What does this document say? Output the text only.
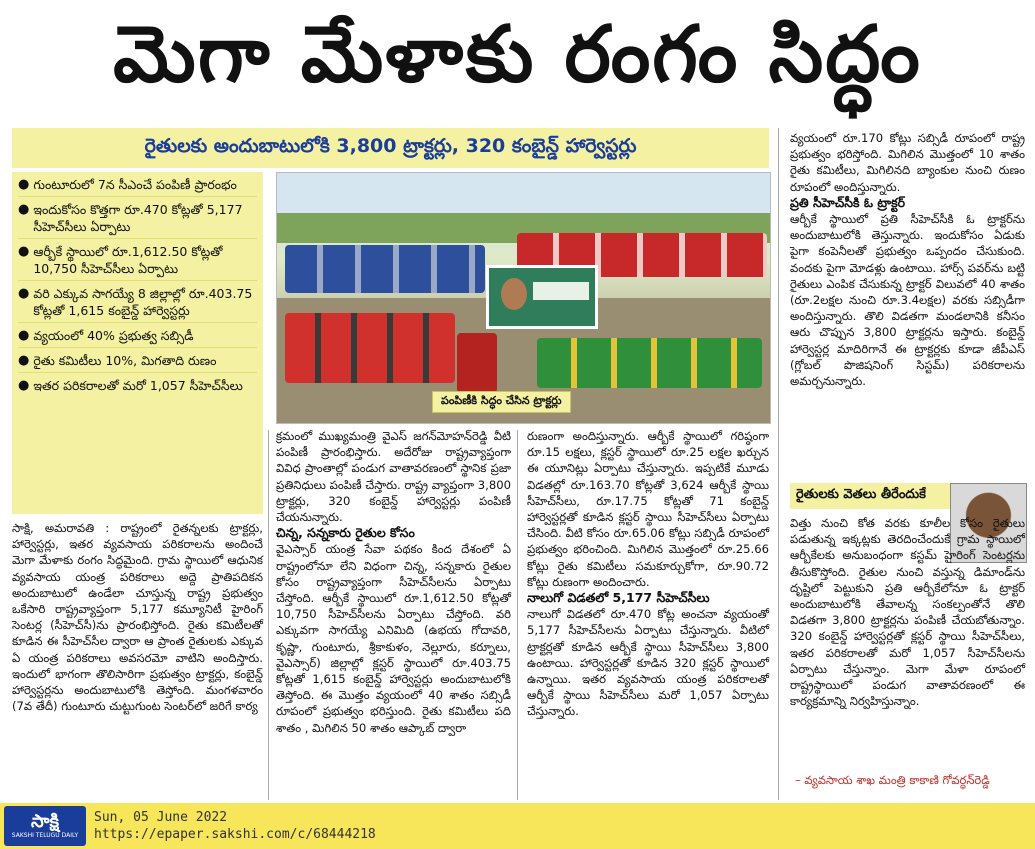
మెగా మేళాకు రంగం సిద్ధం
రైతులకు అందుబాటులోకి 3,800 ట్రాక్టర్లు, 320 కంబైన్డ్ హార్వెస్టర్లు
● గుంటూరులో 7న సీఎంచే పంపిణీ ప్రారంభం
● ఇందుకోసం కొత్తగా రూ.470 కోట్లతో 5,177 సీహెచ్‌సీలు ఏర్పాటు
● ఆర్బీకే స్థాయిలో రూ.1,612.50 కోట్లతో 10,750 సీహెచ్‌సీలు ఏర్పాటు
● వరి ఎక్కువ సాగయ్యే 8 జిల్లాల్లో రూ.403.75 కోట్లతో 1,615 కంబైన్డ్ హార్వెస్టర్లు
● వ్యయంలో 40% ప్రభుత్వ సబ్సిడీ
● రైతు కమిటీలు 10%, మిగతాది రుణం
● ఇతర పరికరాలతో మరో 1,057 సీహెచ్‌సీలు
పంపిణీకి సిద్ధం చేసిన ట్రాక్టర్లు
సాక్షి, అమరావతి : రాష్ట్రంలో రైతన్నలకు ట్రాక్టర్లు, హార్వెస్టర్లు, ఇతర వ్యవసాయ పరికరాలను అందించే మెగా మేళాకు రంగం సిద్ధమైంది. గ్రామ స్థాయిలో ఆధునిక వ్యవసాయ యంత్ర పరికరాలు అద్దె ప్రాతిపదికన అందుబాటులో ఉండేలా చూస్తున్న రాష్ట్ర ప్రభుత్వం ఒకేసారి రాష్ట్రవ్యాప్తంగా 5,177 కమ్యూనిటీ హైరింగ్ సెంటర్ల (సీహెచ్‌సీ)ను ప్రారంభిస్తోంది. రైతు కమిటీలతో కూడిన ఈ సీహెచ్‌సీల ద్వారా ఆ ప్రాంత రైతులకు ఎక్కువ ఏ యంత్ర పరికరాలు అవసరమో వాటిని అందిస్తారు. ఇందులో భాగంగా తొలిసారిగా ప్రభుత్వం ట్రాక్టర్లు, కంబైన్డ్ హార్వెస్టర్లను అందుబాటులోకి తెస్తోంది. మంగళవారం (7వ తేదీ) గుంటూరు చుట్టుగుంట సెంటర్‌లో జరిగే కార్య
క్రమంలో ముఖ్యమంత్రి వైఎస్ జగన్‌మోహన్‌రెడ్డి వీటి పంపిణీ ప్రారంభిస్తారు. అదేరోజు రాష్ట్రవ్యాప్తంగా వివిధ ప్రాంతాల్లో పండుగ వాతావరణంలో స్థానిక ప్రజా ప్రతినిధులు పంపిణీ చేస్తారు. రాష్ట్ర వ్యాప్తంగా 3,800 ట్రాక్టర్లు, 320 కంబైన్డ్ హార్వెస్టర్లు పంపిణీ చేయనున్నారు.
చిన్న, సన్నకారు రైతుల కోసం
వైఎస్సార్ యంత్ర సేవా పథకం కింద దేశంలో ఏ రాష్ట్రంలోనూ లేని విధంగా చిన్న, సన్నకారు రైతుల కోసం రాష్ట్రవ్యాప్తంగా సీహెచ్‌సీలను ఏర్పాటు చేస్తోంది. ఆర్బీకే స్థాయిలో రూ.1,612.50 కోట్లతో 10,750 సీహెచ్‌సీలను ఏర్పాటు చేస్తోంది. వరి ఎక్కువగా సాగయ్యే ఎనిమిది (ఉభయ గోదావరి, కృష్ణా, గుంటూరు, శ్రీకాకుళం, నెల్లూరు, కర్నూలు, వైఎస్సార్) జిల్లాల్లో క్లస్టర్ స్థాయిలో రూ.403.75 కోట్లతో 1,615 కంబైన్డ్ హార్వెస్టర్లు అందుబాటులోకి తెస్తోంది. ఈ మొత్తం వ్యయంలో 40 శాతం సబ్సిడీ రూపంలో ప్రభుత్వం భరిస్తుంది. రైతు కమిటీలు పది శాతం , మిగిలిన 50 శాతం ఆప్కాబ్ ద్వారా
రుణంగా అందిస్తున్నారు. ఆర్బీకే స్థాయిలో గరిష్ఠంగా రూ.15 లక్షలు, క్లస్టర్ స్థాయిలో రూ.25 లక్షల ఖర్చున ఈ యూనిట్లు ఏర్పాటు చేస్తున్నారు. ఇప్పటికే మూడు విడతల్లో రూ.163.70 కోట్లతో 3,624 ఆర్బీకే స్థాయి సీహెచ్‌సీలు, రూ.17.75 కోట్లతో 71 కంబైన్డ్ హార్వెస్టర్లతో కూడిన క్లస్టర్ స్థాయి సీహెచ్‌సీలు ఏర్పాటు చేసింది. వీటి కోసం రూ.65.06 కోట్లు సబ్సిడీ రూపంలో ప్రభుత్వం భరించింది. మిగిలిన మొత్తంలో రూ.25.66 కోట్లు రైతు కమిటీలు సమకూర్చుకోగా, రూ.90.72 కోట్లు రుణంగా అందించారు.
నాలుగో విడతలో 5,177 సీహెచ్‌సీలు
నాలుగో విడతలో రూ.470 కోట్ల అంచనా వ్యయంతో 5,177 సీహెచ్‌సీలను ఏర్పాటు చేస్తున్నారు. వీటిలో ట్రాక్టర్లతో కూడిన ఆర్బీకే స్థాయి సీహెచ్‌సీలు 3,800 ఉంటాయి. హార్వెస్టర్లతో కూడిన 320 క్లస్టర్ స్థాయిలో ఉన్నాయి. ఇతర వ్యవసాయ యంత్ర పరికరాలతో ఆర్బీకే స్థాయి సీహెచ్‌సీలు మరో 1,057 ఏర్పాటు చేస్తున్నారు.
వ్యయంలో రూ.170 కోట్లు సబ్సిడీ రూపంలో రాష్ట్ర ప్రభుత్వం భరిస్తోంది. మిగిలిన మొత్తంలో 10 శాతం రైతు కమిటీలు, మిగిలినది బ్యాంకుల నుంచి రుణం రూపంలో అందిస్తున్నారు.
ప్రతి సీహెచ్‌సీకి ఓ ట్రాక్టర్
ఆర్బీకే స్థాయిలో ప్రతి సీహెచ్‌సీకి ఓ ట్రాక్టర్‌ను అందుబాటులోకి తెస్తున్నారు. ఇందుకోసం ఏడుకు పైగా కంపెనీలతో ప్రభుత్వం ఒప్పందం చేసుకుంది. వందకు పైగా మోడళ్లు ఉంటాయి. హార్స్ పవర్‌ను బట్టి రైతులు ఎంపిక చేసుకున్న ట్రాక్టర్ విలువలో 40 శాతం (రూ.2లక్షల నుంచి రూ.3.4లక్షల) వరకు సబ్సిడీగా అందిస్తున్నారు. తొలి విడతగా మండలానికి కనీసం ఆరు చొప్పున 3,800 ట్రాక్టర్లను ఇస్తారు. కంబైన్డ్ హార్వెస్టర్ల మాదిరిగానే ఈ ట్రాక్టర్లకు కూడా జీపీఎస్ (గ్లోబల్ పొజిషనింగ్ సిస్టమ్) పరికరాలను అమర్చనున్నారు.
రైతులకు వెతలు తీరేందుకే
విత్తు నుంచి కోత వరకు కూలీల కోసం రైతులు పడుతున్న ఇక్కట్లకు తెరదించేందుకే గ్రామ స్థాయిలో ఆర్బీకేలకు అనుబంధంగా కస్టమ్ హైరింగ్ సెంటర్లను తీసుకొస్తోంది. రైతుల నుంచి వస్తున్న డిమాండ్‌ను దృష్టిలో పెట్టుకుని ప్రతి ఆర్బీకేలోనూ ఓ ట్రాక్టర్ అందుబాటులోకి తేవాలన్న సంకల్పంతోనే తొలి విడతగా 3,800 ట్రాక్టర్లను పంపిణీ చేయబోతున్నాం. 320 కంబైన్డ్ హార్వెస్టర్లతో క్లస్టర్ స్థాయి సీహెచ్‌సీలు, ఇతర పరికరాలతో మరో 1,057 సీహెచ్‌సీలను ఏర్పాటు చేస్తున్నాం. మెగా మేళా రూపంలో రాష్ట్రస్థాయిలో పండుగ వాతావరణంలో ఈ కార్యక్రమాన్ని నిర్వహిస్తున్నాం.
– వ్యవసాయ శాఖ మంత్రి కాకాణి గోవర్ధన్‌రెడ్డి
సాక్షి
SAKSHI TELUGU DAILY
Sun, 05 June 2022
https://epaper.sakshi.com/c/68444218
